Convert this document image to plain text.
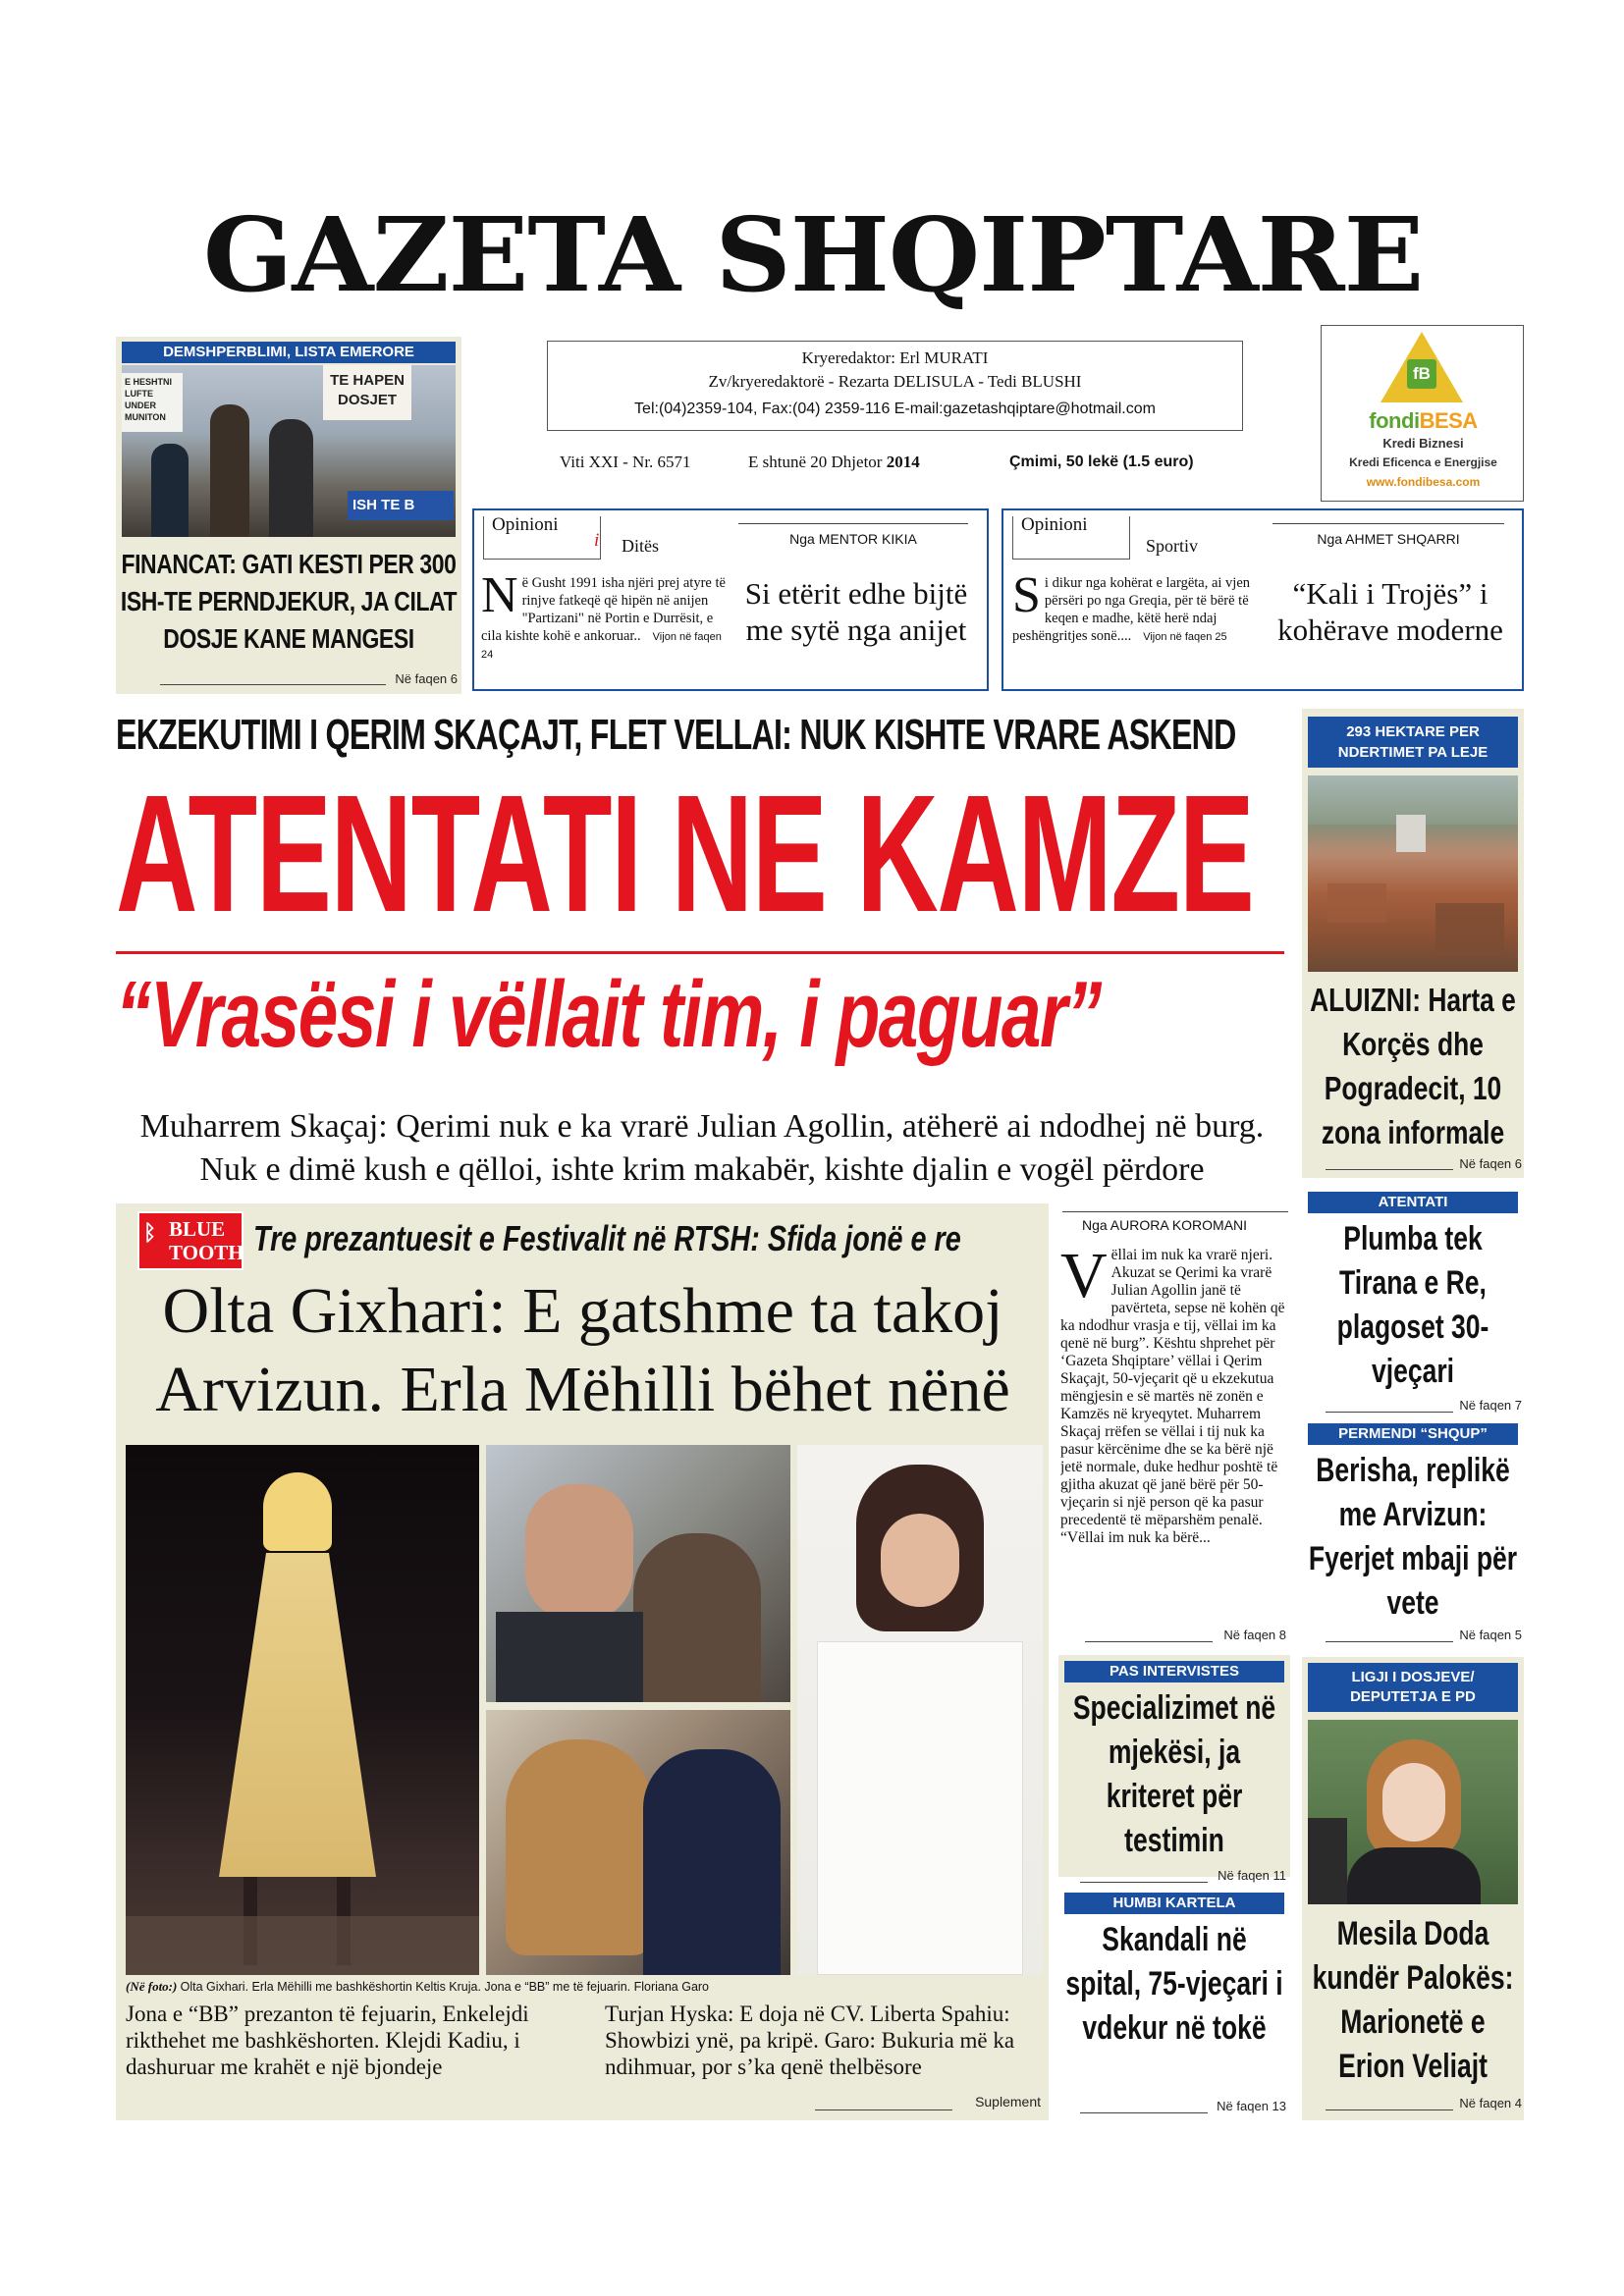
GAZETA SHQIPTARE
DEMSHPERBLIMI, LISTA EMERORE
E HESHTNI LUFTE UNDER MUNITON
TE HAPEN DOSJET
ISH TE B
FINANCAT: GATI KESTI PER 300 ISH-TE PERNDJEKUR, JA CILAT DOSJE KANE MANGESI
Në faqen 6
Kryeredaktor: Erl MURATI
Zv/kryeredaktorë - Rezarta DELISULA - Tedi BLUSHI
Tel:(04)2359-104, Fax:(04) 2359-116 E-mail:gazetashqiptare@hotmail.com
Viti XXI - Nr. 6571	E shtunë 20 Dhjetor 2014	Çmimi, 50 lekë (1.5 euro)
fB
fondiBESA
Kredi Biznesi
Kredi Eficenca e Energjise
www.fondibesa.com
Opinioni
i Ditës	Nga MENTOR KIKIA
N ë Gusht 1991 isha njëri prej atyre të rinjve fatkeqë që hipën në anijen "Partizani" në Portin e Durrësit, e cila kishte kohë e ankoruar.. Vijon në faqen 24
Si etërit edhe bijtë me sytë nga anijet
Opinioni
Sportiv	Nga AHMET SHQARRI
S i dikur nga kohërat e largëta, ai vjen përsëri po nga Greqia, për të bërë të keqen e madhe, këtë herë ndaj peshëngritjes sonë.... Vijon në faqen 25
“Kali i Trojës” i kohërave moderne
EKZEKUTIMI I QERIM SKAÇAJT, FLET VELLAI: NUK KISHTE VRARE ASKEND
ATENTATI NE KAMZE
“Vrasësi i vëllait tim, i paguar”
Muharrem Skaçaj: Qerimi nuk e ka vrarë Julian Agollin, atëherë ai ndodhej në burg. Nuk e dimë kush e qëlloi, ishte krim makabër, kishte djalin e vogël përdore
293 HEKTARE PER NDERTIMET PA LEJE
ALUIZNI: Harta e Korçës dhe Pogradecit, 10 zona informale
Në faqen 6
BLUE
TOOTH
ᛒ	Tre prezantuesit e Festivalit në RTSH: Sfida jonë e re
Olta Gixhari: E gatshme ta takoj Arvizun. Erla Mëhilli bëhet nënë
(Në foto:) Olta Gixhari. Erla Mëhilli me bashkëshortin Keltis Kruja. Jona e “BB” me të fejuarin. Floriana Garo
Jona e “BB” prezanton të fejuarin, Enkelejdi rikthehet me bashkëshorten. Klejdi Kadiu, i dashuruar me krahët e një bjondeje
Turjan Hyska: E doja në CV. Liberta Spahiu: Showbizi ynë, pa kripë. Garo: Bukuria më ka ndihmuar, por s’ka qenë thelbësore
Suplement
Nga AURORA KOROMANI
V ëllai im nuk ka vrarë njeri. Akuzat se Qerimi ka vrarë Julian Agollin janë të pavërteta, sepse në kohën që ka ndodhur vrasja e tij, vëllai im ka qenë në burg”. Kështu shprehet për ‘Gazeta Shqiptare’ vëllai i Qerim Skaçajt, 50-vjeçarit që u ekzekutua mëngjesin e së martës në zonën e Kamzës në kryeqytet. Muharrem Skaçaj rrëfen se vëllai i tij nuk ka pasur kërcënime dhe se ka bërë një jetë normale, duke hedhur poshtë të gjitha akuzat që janë bërë për 50-vjeçarin si një person që ka pasur precedentë të mëparshëm penalë. “Vëllai im nuk ka bërë...
Në faqen 8
PAS INTERVISTES
Specializimet në mjekësi, ja kriteret për testimin
Në faqen 11
HUMBI KARTELA
Skandali në spital, 75-vjeçari i vdekur në tokë
Në faqen 13
ATENTATI
Plumba tek Tirana e Re, plagoset 30-vjeçari
Në faqen 7
PERMENDI “SHQUP”
Berisha, replikë me Arvizun: Fyerjet mbaji për vete
Në faqen 5
LIGJI I DOSJEVE/ DEPUTETJA E PD
Mesila Doda kundër Palokës: Marionetë e Erion Veliajt
Në faqen 4
